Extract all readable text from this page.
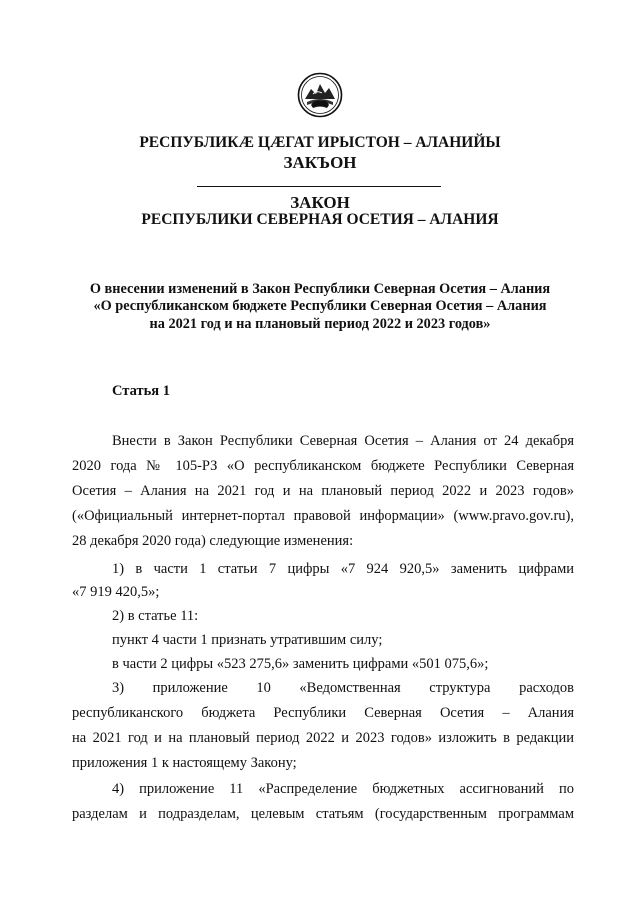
РЕСПУБЛИКÆ ЦÆГАТ ИРЫСТОН – АЛАНИЙЫ
ЗАКЪОН
ЗАКОН
РЕСПУБЛИКИ СЕВЕРНАЯ ОСЕТИЯ – АЛАНИЯ
О внесении изменений в Закон Республики Северная Осетия – Алания
«О республиканском бюджете Республики Северная Осетия – Алания
на 2021 год и на плановый период 2022 и 2023 годов»
Статья 1
Внести в Закон Республики Северная Осетия – Алания от 24 декабря
2020 года № 105-РЗ «О республиканском бюджете Республики Северная
Осетия – Алания на 2021 год и на плановый период 2022 и 2023 годов»
(«Официальный интернет-портал правовой информации» (www.pravo.gov.ru),
28 декабря 2020 года) следующие изменения:
1) в части 1 статьи 7 цифры «7 924 920,5» заменить цифрами
«7 919 420,5»;
2) в статье 11:
пункт 4 части 1 признать утратившим силу;
в части 2 цифры «523 275,6» заменить цифрами «501 075,6»;
3) приложение 10 «Ведомственная структура расходов
республиканского бюджета Республики Северная Осетия – Алания
на 2021 год и на плановый период 2022 и 2023 годов» изложить в редакции
приложения 1 к настоящему Закону;
4) приложение 11 «Распределение бюджетных ассигнований по
разделам и подразделам, целевым статьям (государственным программам
